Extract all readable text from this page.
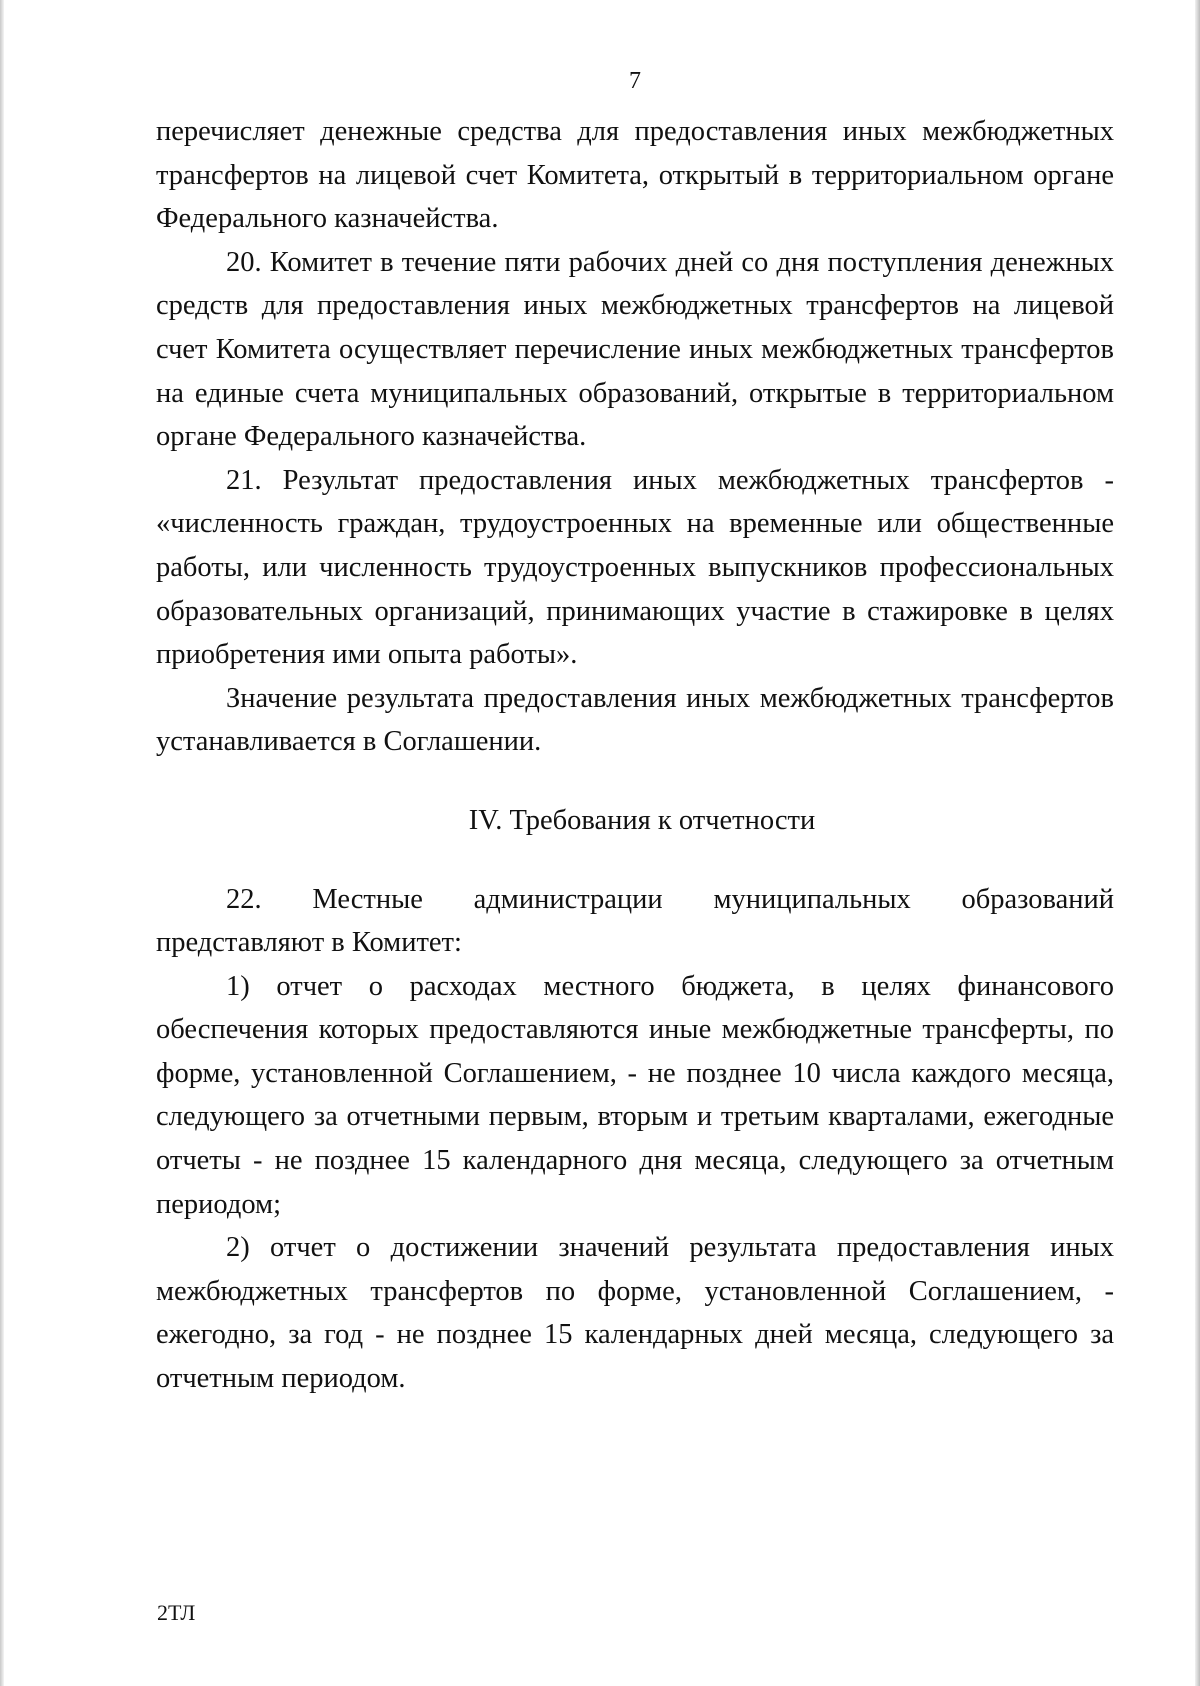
7

перечисляет денежные средства для предоставления иных межбюджетных трансфертов на лицевой счет Комитета, открытый в территориальном органе Федерального казначейства.

20. Комитет в течение пяти рабочих дней со дня поступления денежных средств для предоставления иных межбюджетных трансфертов на лицевой счет Комитета осуществляет перечисление иных межбюджетных трансфертов на единые счета муниципальных образований, открытые в территориальном органе Федерального казначейства.

21. Результат предоставления иных межбюджетных трансфертов - «численность граждан, трудоустроенных на временные или общественные работы, или численность трудоустроенных выпускников профессиональных образовательных организаций, принимающих участие в стажировке в целях приобретения ими опыта работы».

Значение результата предоставления иных межбюджетных трансфертов устанавливается в Соглашении.

IV. Требования к отчетности

22. Местные администрации муниципальных образований представляют в Комитет:

1) отчет о расходах местного бюджета, в целях финансового обеспечения которых предоставляются иные межбюджетные трансферты, по форме, установленной Соглашением, - не позднее 10 числа каждого месяца, следующего за отчетными первым, вторым и третьим кварталами, ежегодные отчеты - не позднее 15 календарного дня месяца, следующего за отчетным периодом;

2) отчет о достижении значений результата предоставления иных межбюджетных трансфертов по форме, установленной Соглашением, - ежегодно, за год - не позднее 15 календарных дней месяца, следующего за отчетным периодом.

2ТЛ
